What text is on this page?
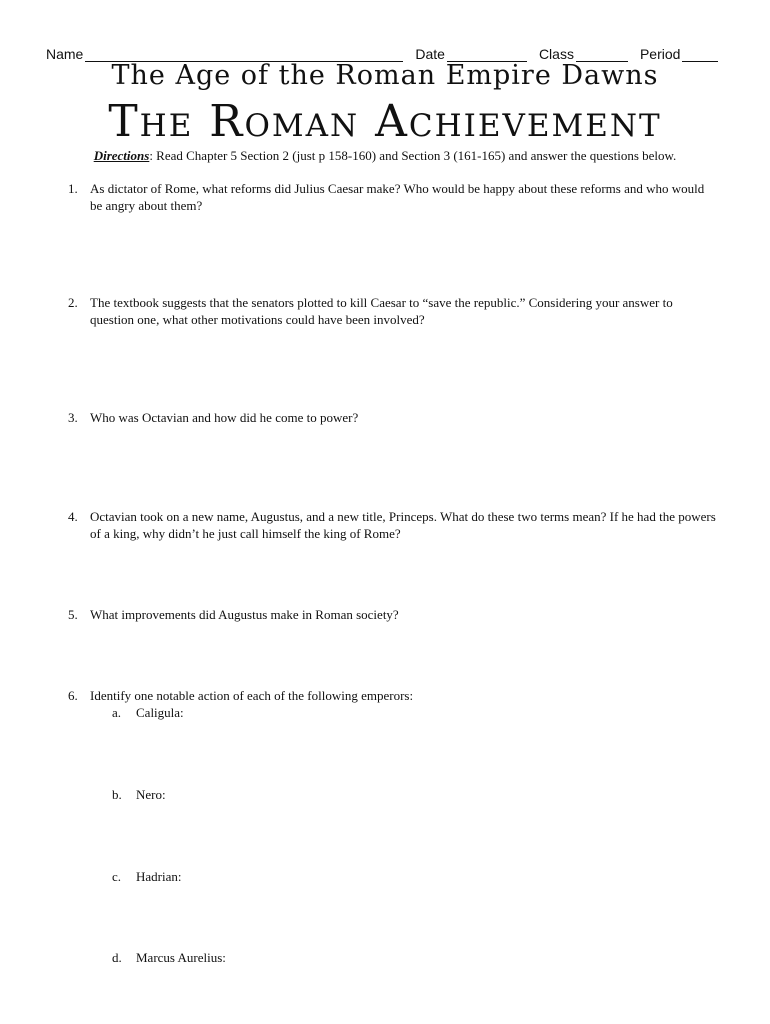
Name	Date	Class	Period
The Age of the Roman Empire Dawns
The Roman Achievement
Directions: Read Chapter 5 Section 2 (just p 158-160) and Section 3 (161-165) and answer the questions below.
1. As dictator of Rome, what reforms did Julius Caesar make? Who would be happy about these reforms and who would be angry about them?
2. The textbook suggests that the senators plotted to kill Caesar to “save the republic.” Considering your answer to question one, what other motivations could have been involved?
3. Who was Octavian and how did he come to power?
4. Octavian took on a new name, Augustus, and a new title, Princeps. What do these two terms mean? If he had the powers of a king, why didn’t he just call himself the king of Rome?
5. What improvements did Augustus make in Roman society?
6. Identify one notable action of each of the following emperors:
a.	Caligula:
b.	Nero:
c.	Hadrian:
d.	Marcus Aurelius:
